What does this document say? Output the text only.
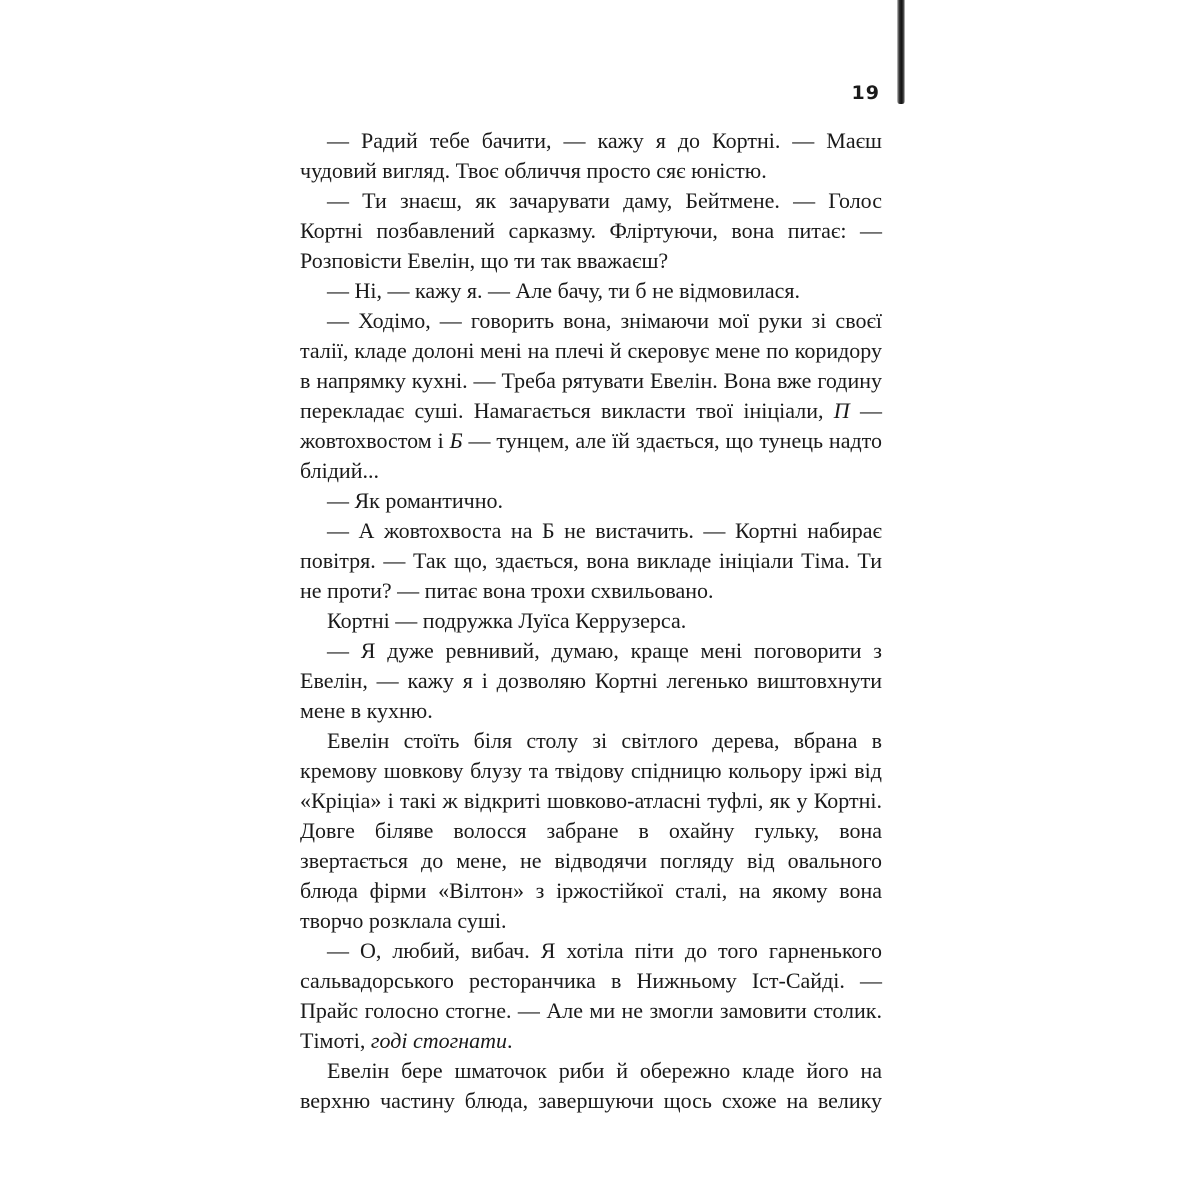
19

— Радий тебе бачити, — кажу я до Кортні. — Маєш чудовий вигляд. Твоє обличчя просто сяє юністю.

— Ти знаєш, як зачарувати даму, Бейтмене. — Голос Кортні позбавлений сарказму. Фліртуючи, вона питає: — Розповісти Евелін, що ти так вважаєш?

— Ні, — кажу я. — Але бачу, ти б не відмовилася.

— Ходімо, — говорить вона, знімаючи мої руки зі своєї талії, кладе долоні мені на плечі й скеровує мене по коридору в напрямку кухні. — Треба рятувати Евелін. Вона вже годину перекладає суші. Намагається викласти твої ініціали, П — жовтохвостом і Б — тунцем, але їй здається, що тунець надто блідий...

— Як романтично.

— А жовтохвоста на Б не вистачить. — Кортні набирає повітря. — Так що, здається, вона викладе ініціали Тіма. Ти не проти? — питає вона трохи схвильовано.

Кортні — подружка Луїса Керрузерса.

— Я дуже ревнивий, думаю, краще мені поговорити з Евелін, — кажу я і дозволяю Кортні легенько виштовхнути мене в кухню.

Евелін стоїть біля столу зі світлого дерева, вбрана в кремову шовкову блузу та твідову спідницю кольору іржі від «Кріціа» і такі ж відкриті шовково-атласні туфлі, як у Кортні. Довге біляве волосся забране в охайну гульку, вона звертається до мене, не відводячи погляду від овального блюда фірми «Вілтон» з іржостійкої сталі, на якому вона творчо розклала суші.

— О, любий, вибач. Я хотіла піти до того гарненького сальвадорського ресторанчика в Нижньому Іст-Сайді. — Прайс голосно стогне. — Але ми не змогли замовити столик. Тімоті, годі стогнати.

Евелін бере шматочок риби й обережно кладе його на верхню частину блюда, завершуючи щось схоже на велику
